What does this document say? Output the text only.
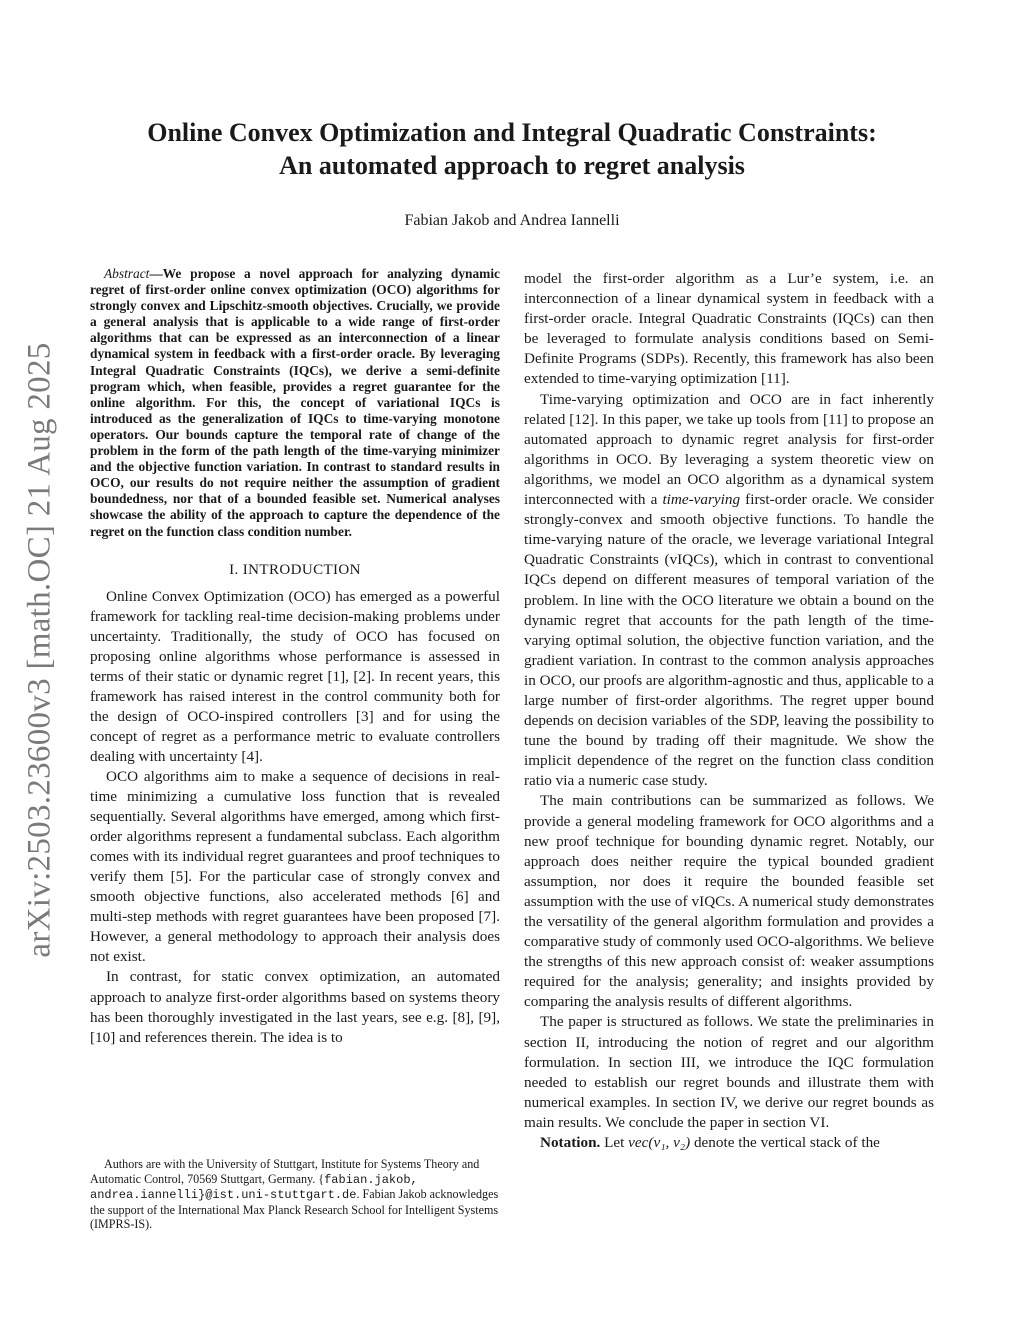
Online Convex Optimization and Integral Quadratic Constraints:
An automated approach to regret analysis
Fabian Jakob and Andrea Iannelli
arXiv:2503.23600v3 [math.OC] 21 Aug 2025
Abstract—We propose a novel approach for analyzing dynamic regret of first-order online convex optimization (OCO) algorithms for strongly convex and Lipschitz-smooth objectives. Crucially, we provide a general analysis that is applicable to a wide range of first-order algorithms that can be expressed as an interconnection of a linear dynamical system in feedback with a first-order oracle. By leveraging Integral Quadratic Constraints (IQCs), we derive a semi-definite program which, when feasible, provides a regret guarantee for the online algorithm. For this, the concept of variational IQCs is introduced as the generalization of IQCs to time-varying monotone operators. Our bounds capture the temporal rate of change of the problem in the form of the path length of the time-varying minimizer and the objective function variation. In contrast to standard results in OCO, our results do not require neither the assumption of gradient boundedness, nor that of a bounded feasible set. Numerical analyses showcase the ability of the approach to capture the dependence of the regret on the function class condition number.
I. INTRODUCTION

Online Convex Optimization (OCO) has emerged as a powerful framework for tackling real-time decision-making problems under uncertainty. Traditionally, the study of OCO has focused on proposing online algorithms whose performance is assessed in terms of their static or dynamic regret [1], [2]. In recent years, this framework has raised interest in the control community both for the design of OCO-inspired controllers [3] and for using the concept of regret as a performance metric to evaluate controllers dealing with uncertainty [4].

OCO algorithms aim to make a sequence of decisions in real-time minimizing a cumulative loss function that is revealed sequentially. Several algorithms have emerged, among which first-order algorithms represent a fundamental subclass. Each algorithm comes with its individual regret guarantees and proof techniques to verify them [5]. For the particular case of strongly convex and smooth objective functions, also accelerated methods [6] and multi-step methods with regret guarantees have been proposed [7]. However, a general methodology to approach their analysis does not exist.

In contrast, for static convex optimization, an automated approach to analyze first-order algorithms based on systems theory has been thoroughly investigated in the last years, see e.g. [8], [9], [10] and references therein. The idea is to

Authors are with the University of Stuttgart, Institute for Systems Theory and Automatic Control, 70569 Stuttgart, Germany. {fabian.jakob, andrea.iannelli}@ist.uni-stuttgart.de. Fabian Jakob acknowledges the support of the International Max Planck Research School for Intelligent Systems (IMPRS-IS).

model the first-order algorithm as a Lur’e system, i.e. an interconnection of a linear dynamical system in feedback with a first-order oracle. Integral Quadratic Constraints (IQCs) can then be leveraged to formulate analysis conditions based on Semi-Definite Programs (SDPs). Recently, this framework has also been extended to time-varying optimization [11].

Time-varying optimization and OCO are in fact inherently related [12]. In this paper, we take up tools from [11] to propose an automated approach to dynamic regret analysis for first-order algorithms in OCO. By leveraging a system theoretic view on algorithms, we model an OCO algorithm as a dynamical system interconnected with a time-varying first-order oracle. We consider strongly-convex and smooth objective functions. To handle the time-varying nature of the oracle, we leverage variational Integral Quadratic Constraints (vIQCs), which in contrast to conventional IQCs depend on different measures of temporal variation of the problem. In line with the OCO literature we obtain a bound on the dynamic regret that accounts for the path length of the time-varying optimal solution, the objective function variation, and the gradient variation. In contrast to the common analysis approaches in OCO, our proofs are algorithm-agnostic and thus, applicable to a large number of first-order algorithms. The regret upper bound depends on decision variables of the SDP, leaving the possibility to tune the bound by trading off their magnitude. We show the implicit dependence of the regret on the function class condition ratio via a numeric case study.

The main contributions can be summarized as follows. We provide a general modeling framework for OCO algorithms and a new proof technique for bounding dynamic regret. Notably, our approach does neither require the typical bounded gradient assumption, nor does it require the bounded feasible set assumption with the use of vIQCs. A numerical study demonstrates the versatility of the general algorithm formulation and provides a comparative study of commonly used OCO-algorithms. We believe the strengths of this new approach consist of: weaker assumptions required for the analysis; generality; and insights provided by comparing the analysis results of different algorithms.

The paper is structured as follows. We state the preliminaries in section II, introducing the notion of regret and our algorithm formulation. In section III, we introduce the IQC formulation needed to establish our regret bounds and illustrate them with numerical examples. In section IV, we derive our regret bounds as main results. We conclude the paper in section VI.

Notation. Let vec(v₁, v₂) denote the vertical stack of the
